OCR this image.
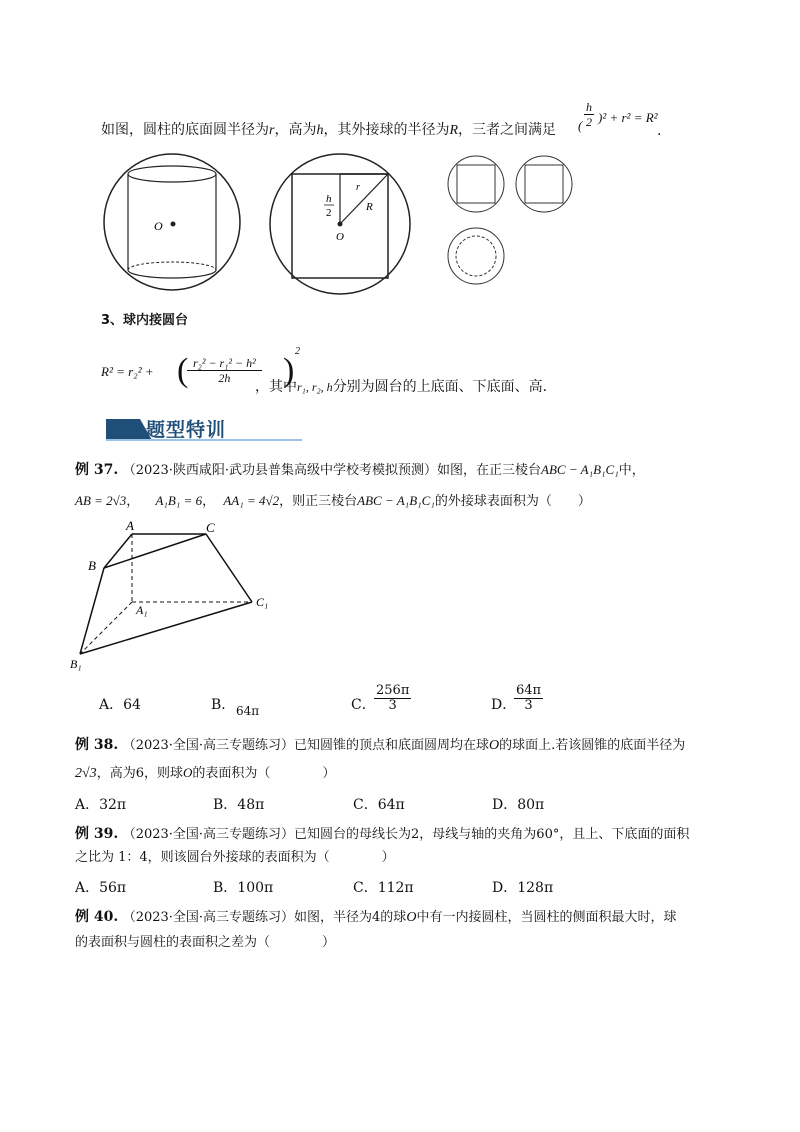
如图，圆柱的底面圆半径为r，高为h，其外接球的半径为R，三者之间满足 ( $\frac{h}{2} )^2 + r^2 = R^2$
.
O
h
2
r
R
O
3、球内接圆台
R² = r₂² + (
$\frac{\text{r₂² − r₁² − h²}}{2h}$ )
2
，其中r₁, r₂, h分别为圆台的上底面、下底面、高.
题型特训
例 37. （2023·陕西咸阳·武功县普集高级中学校考模拟预测）如图，在正三棱台ABC − A₁B₁C₁中，
AB = 2√3， A₁B₁ = 6， AA₁ = 4√2，则正三棱台ABC − A₁B₁C₁的外接球表面积为（　　）
A	C
B
A₁
C₁
B₁
A．64	B． 64π	C．
$\frac{256\pi}{3}$	D．
$\frac{64\pi}{3}$
例 38. （2023·全国·高三专题练习）已知圆锥的顶点和底面圆周均在球O的球面上.若该圆锥的底面半径为
2√3，高为6，则球O的表面积为（　　　　）
A．32π	B．48π	C．64π	D．80π
例 39. （2023·全国·高三专题练习）已知圆台的母线长为2，母线与轴的夹角为60°，且上、下底面的面积
之比为 1：4，则该圆台外接球的表面积为（　　　　）
A．56π	B．100π	C．112π	D．128π
例 40. （2023·全国·高三专题练习）如图，半径为4的球O中有一内接圆柱，当圆柱的侧面积最大时，球
的表面积与圆柱的表面积之差为（　　　　）
